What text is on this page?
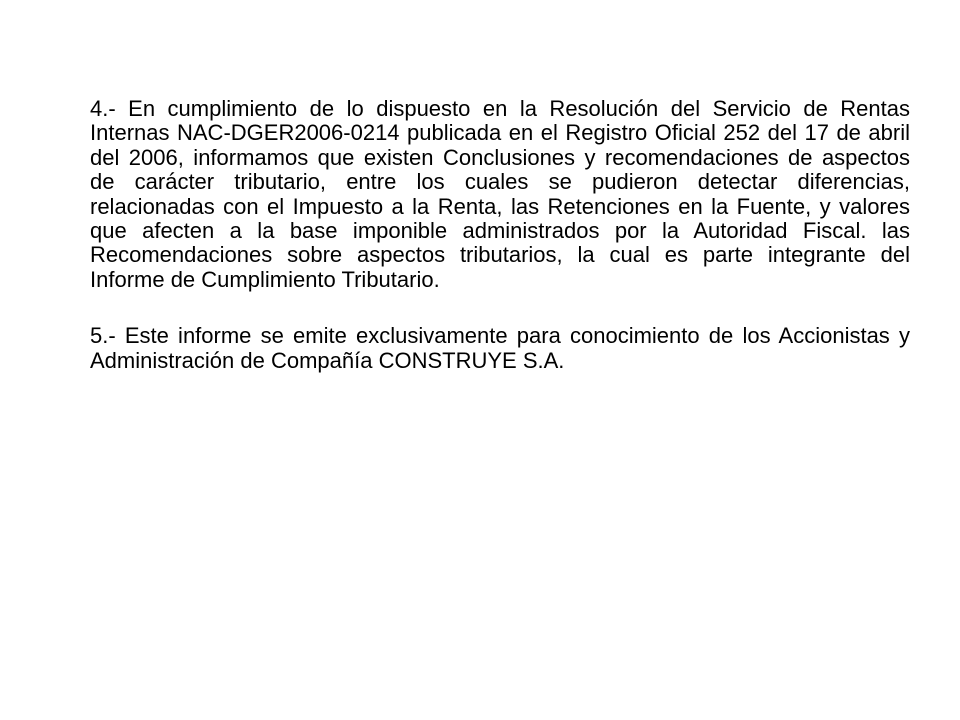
4.- En cumplimiento de lo dispuesto en la Resolución del Servicio de Rentas Internas NAC-DGER2006-0214 publicada en el Registro Oficial 252 del 17 de abril del 2006, informamos que existen Conclusiones y recomendaciones de aspectos de carácter tributario, entre los cuales se pudieron detectar diferencias, relacionadas con el Impuesto a la Renta, las Retenciones en la Fuente, y valores que afecten a la base imponible administrados por la Autoridad Fiscal. las Recomendaciones sobre aspectos tributarios, la cual es parte integrante del Informe de Cumplimiento Tributario.

5.- Este informe se emite exclusivamente para conocimiento de los Accionistas y Administración de Compañía CONSTRUYE S.A.
